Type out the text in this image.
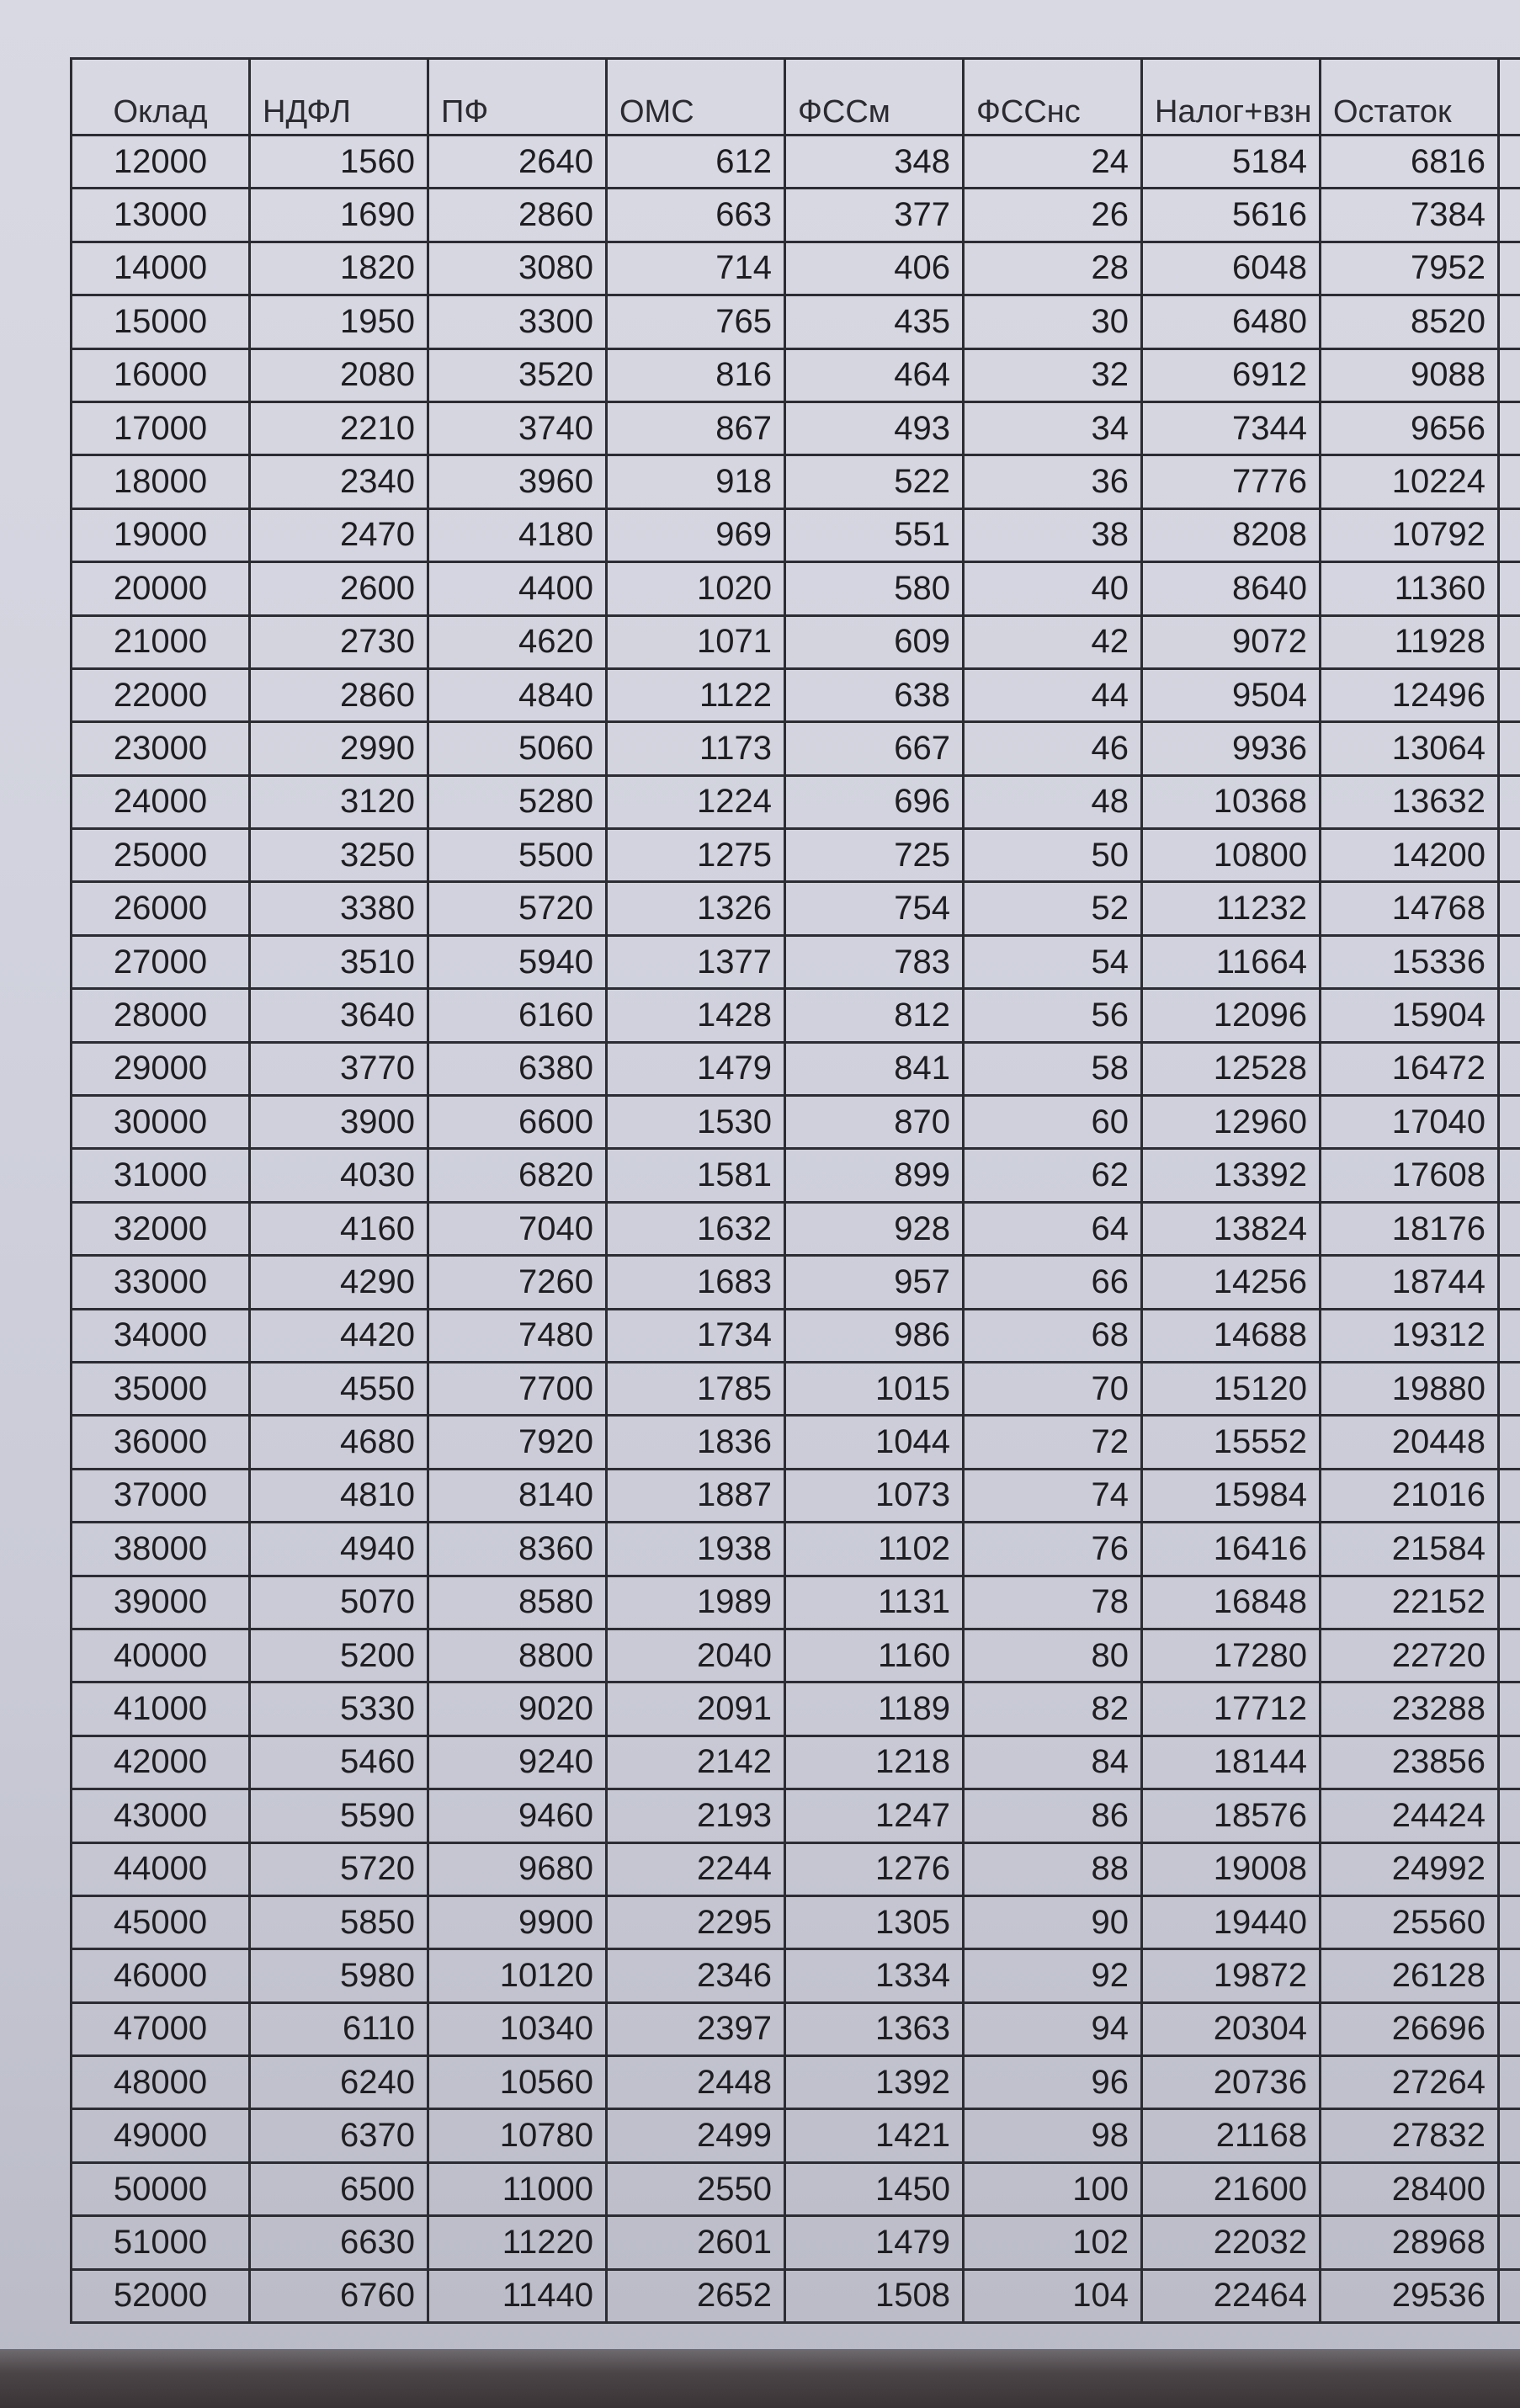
Оклад	НДФЛ	ПФ	ОМС	ФССм	ФССнс	Налог+взн	Остаток	
12000	1560	2640	612	348	24	5184	6816	
13000	1690	2860	663	377	26	5616	7384	
14000	1820	3080	714	406	28	6048	7952	
15000	1950	3300	765	435	30	6480	8520	
16000	2080	3520	816	464	32	6912	9088	
17000	2210	3740	867	493	34	7344	9656	
18000	2340	3960	918	522	36	7776	10224	
19000	2470	4180	969	551	38	8208	10792	
20000	2600	4400	1020	580	40	8640	11360	
21000	2730	4620	1071	609	42	9072	11928	
22000	2860	4840	1122	638	44	9504	12496	
23000	2990	5060	1173	667	46	9936	13064	
24000	3120	5280	1224	696	48	10368	13632	
25000	3250	5500	1275	725	50	10800	14200	
26000	3380	5720	1326	754	52	11232	14768	
27000	3510	5940	1377	783	54	11664	15336	
28000	3640	6160	1428	812	56	12096	15904	
29000	3770	6380	1479	841	58	12528	16472	
30000	3900	6600	1530	870	60	12960	17040	
31000	4030	6820	1581	899	62	13392	17608	
32000	4160	7040	1632	928	64	13824	18176	
33000	4290	7260	1683	957	66	14256	18744	
34000	4420	7480	1734	986	68	14688	19312	
35000	4550	7700	1785	1015	70	15120	19880	
36000	4680	7920	1836	1044	72	15552	20448	
37000	4810	8140	1887	1073	74	15984	21016	
38000	4940	8360	1938	1102	76	16416	21584	
39000	5070	8580	1989	1131	78	16848	22152	
40000	5200	8800	2040	1160	80	17280	22720	
41000	5330	9020	2091	1189	82	17712	23288	
42000	5460	9240	2142	1218	84	18144	23856	
43000	5590	9460	2193	1247	86	18576	24424	
44000	5720	9680	2244	1276	88	19008	24992	
45000	5850	9900	2295	1305	90	19440	25560	
46000	5980	10120	2346	1334	92	19872	26128	
47000	6110	10340	2397	1363	94	20304	26696	
48000	6240	10560	2448	1392	96	20736	27264	
49000	6370	10780	2499	1421	98	21168	27832	
50000	6500	11000	2550	1450	100	21600	28400	
51000	6630	11220	2601	1479	102	22032	28968	
52000	6760	11440	2652	1508	104	22464	29536	
